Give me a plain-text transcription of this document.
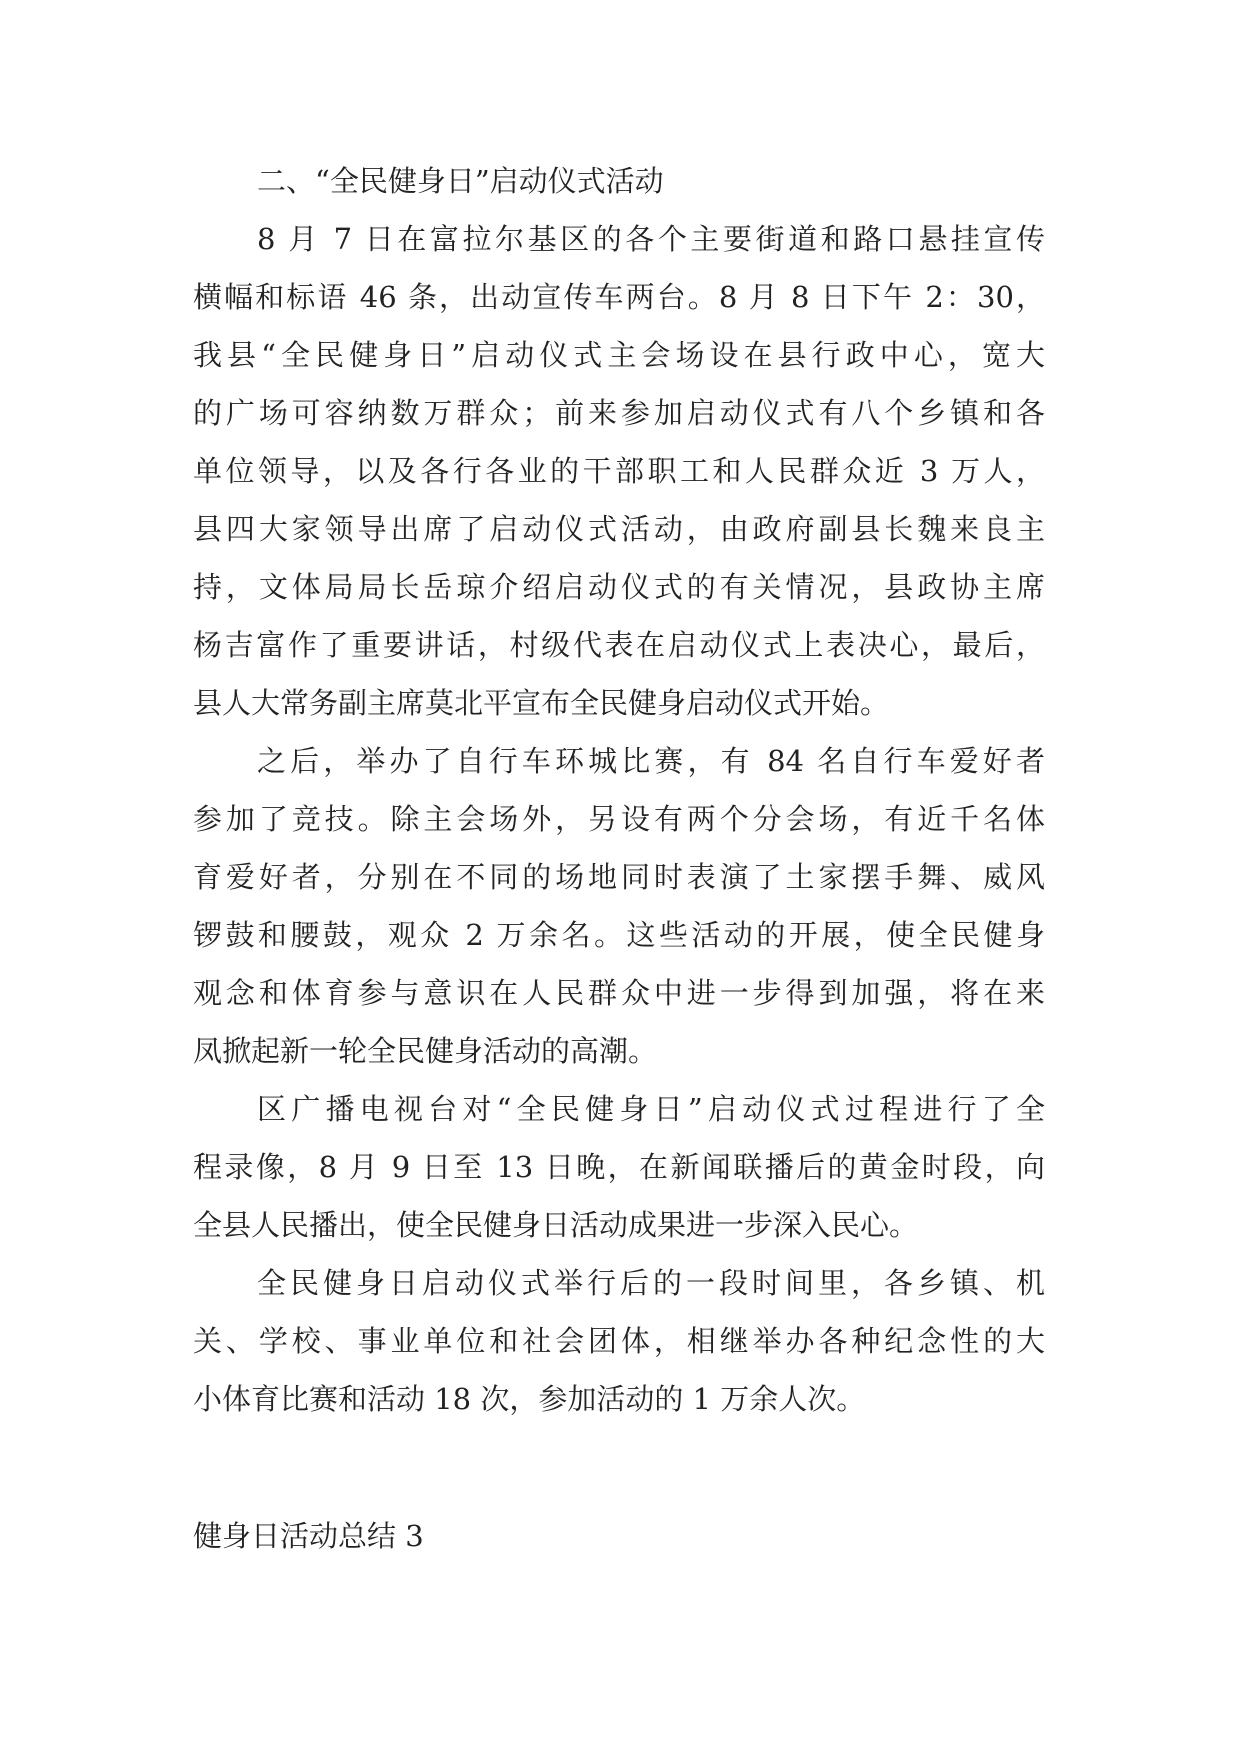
二、“全民健身日”启动仪式活动
8 月 7 日在富拉尔基区的各个主要街道和路口悬挂宣传
横幅和标语 46 条，出动宣传车两台。8 月 8 日下午 2：30，
我县“全民健身日”启动仪式主会场设在县行政中心，宽大
的广场可容纳数万群众；前来参加启动仪式有八个乡镇和各
单位领导，以及各行各业的干部职工和人民群众近 3 万人，
县四大家领导出席了启动仪式活动，由政府副县长魏来良主
持，文体局局长岳琼介绍启动仪式的有关情况，县政协主席
杨吉富作了重要讲话，村级代表在启动仪式上表决心，最后，
县人大常务副主席莫北平宣布全民健身启动仪式开始。
之后，举办了自行车环城比赛，有 84 名自行车爱好者
参加了竞技。除主会场外，另设有两个分会场，有近千名体
育爱好者，分别在不同的场地同时表演了土家摆手舞、威风
锣鼓和腰鼓，观众 2 万余名。这些活动的开展，使全民健身
观念和体育参与意识在人民群众中进一步得到加强，将在来
凤掀起新一轮全民健身活动的高潮。
区广播电视台对“全民健身日”启动仪式过程进行了全
程录像，8 月 9 日至 13 日晚，在新闻联播后的黄金时段，向
全县人民播出，使全民健身日活动成果进一步深入民心。
全民健身日启动仪式举行后的一段时间里，各乡镇、机
关、学校、事业单位和社会团体，相继举办各种纪念性的大
小体育比赛和活动 18 次，参加活动的 1 万余人次。
健身日活动总结 3
